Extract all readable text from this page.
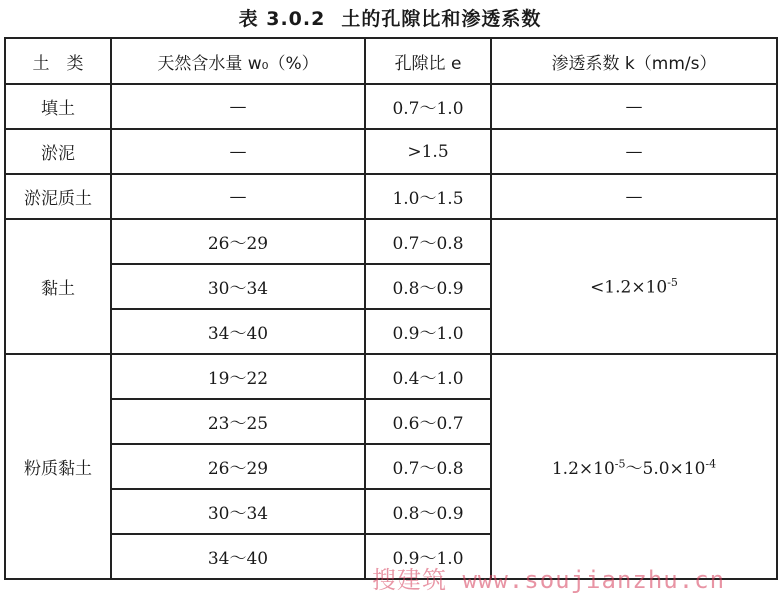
表 3.0.2 土的孔隙比和渗透系数
土　类	天然含水量 w₀（%）	孔隙比 e	渗透系数 k（mm/s）
填土	—	0.7～1.0	—
淤泥	—	>1.5	—
淤泥质土	—	1.0～1.5	—
黏土	26～29	0.7～0.8	$<1.2\times 10^{-5}$
	30～34	0.8～0.9	
	34～40	0.9～1.0	
粉质黏土	19～22	0.4～1.0	$1.2\times 10^{-5}\sim 5.0\times 10^{-4}$
	23～25	0.6～0.7	
	26～29	0.7～0.8	
	30～34	0.8～0.9	
	34～40	0.9～1.0	
搜建筑 www.soujianzhu.cn
